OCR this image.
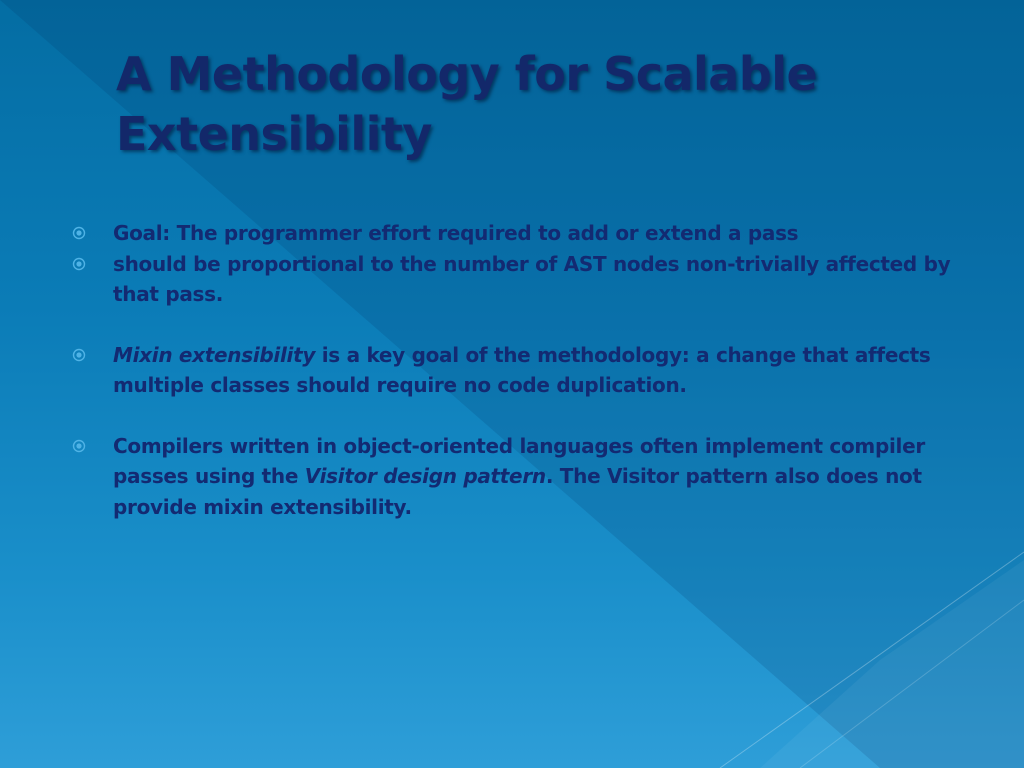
A Methodology for Scalable Extensibility
Goal: The programmer effort required to add or extend a pass
should be proportional to the number of AST nodes non-trivially affected by that pass.
Mixin extensibility is a key goal of the methodology: a change that affects multiple classes should require no code duplication.
Compilers written in object-oriented languages often implement compiler passes using the Visitor design pattern. The Visitor pattern also does not provide mixin extensibility.
